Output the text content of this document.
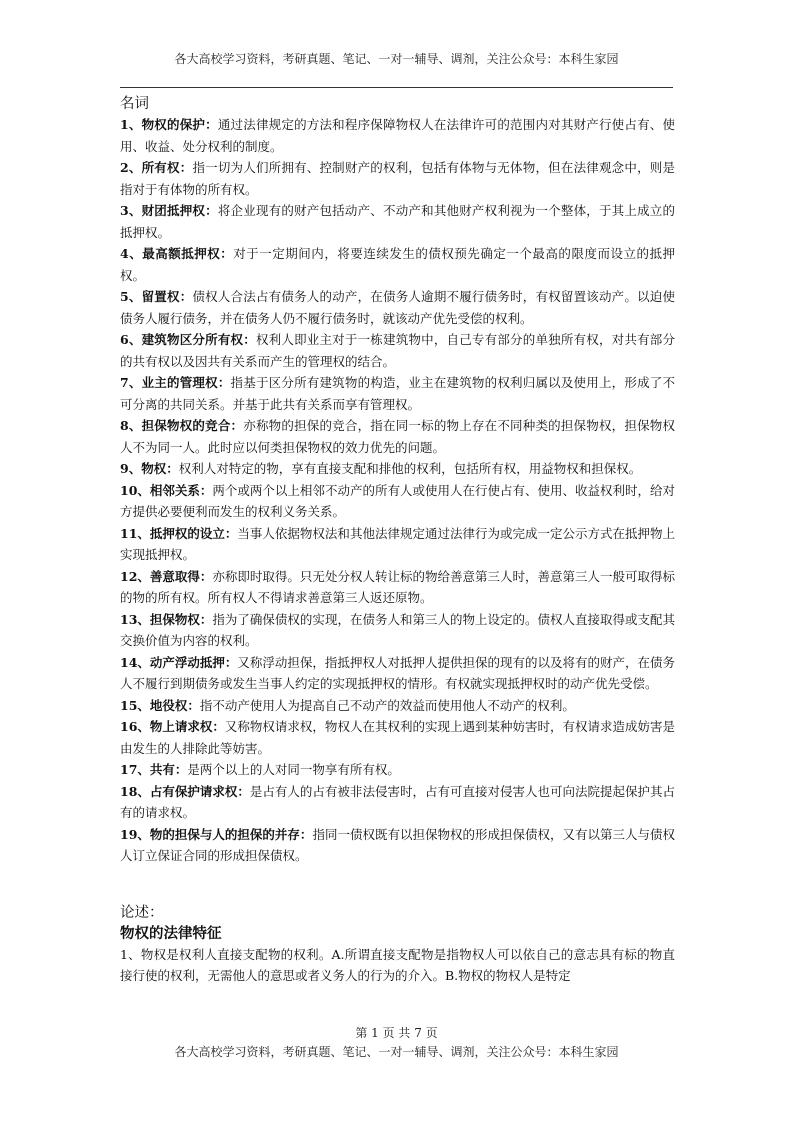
各大高校学习资料，考研真题、笔记、一对一辅导、调剂，关注公众号：本科生家园

名词

1、物权的保护：通过法律规定的方法和程序保障物权人在法律许可的范围内对其财产行使占有、使用、收益、处分权利的制度。

2、所有权：指一切为人们所拥有、控制财产的权利，包括有体物与无体物，但在法律观念中，则是指对于有体物的所有权。

3、财团抵押权：将企业现有的财产包括动产、不动产和其他财产权利视为一个整体，于其上成立的抵押权。

4、最高额抵押权：对于一定期间内，将要连续发生的债权预先确定一个最高的限度而设立的抵押权。

5、留置权：债权人合法占有债务人的动产，在债务人逾期不履行债务时，有权留置该动产。以迫使债务人履行债务，并在债务人仍不履行债务时，就该动产优先受偿的权利。

6、建筑物区分所有权：权利人即业主对于一栋建筑物中，自己专有部分的单独所有权，对共有部分的共有权以及因共有关系而产生的管理权的结合。

7、业主的管理权：指基于区分所有建筑物的构造，业主在建筑物的权利归属以及使用上，形成了不可分离的共同关系。并基于此共有关系而享有管理权。

8、担保物权的竞合：亦称物的担保的竞合，指在同一标的物上存在不同种类的担保物权，担保物权人不为同一人。此时应以何类担保物权的效力优先的问题。

9、物权：权利人对特定的物，享有直接支配和排他的权利，包括所有权，用益物权和担保权。

10、相邻关系：两个或两个以上相邻不动产的所有人或使用人在行使占有、使用、收益权利时，给对方提供必要便利而发生的权利义务关系。

11、抵押权的设立：当事人依据物权法和其他法律规定通过法律行为或完成一定公示方式在抵押物上实现抵押权。

12、善意取得：亦称即时取得。只无处分权人转让标的物给善意第三人时，善意第三人一般可取得标的物的所有权。所有权人不得请求善意第三人返还原物。

13、担保物权：指为了确保债权的实现，在债务人和第三人的物上设定的。债权人直接取得或支配其交换价值为内容的权利。

14、动产浮动抵押：又称浮动担保，指抵押权人对抵押人提供担保的现有的以及将有的财产，在债务人不履行到期债务或发生当事人约定的实现抵押权的情形。有权就实现抵押权时的动产优先受偿。

15、地役权：指不动产使用人为提高自己不动产的效益而使用他人不动产的权利。

16、物上请求权：又称物权请求权，物权人在其权利的实现上遇到某种妨害时，有权请求造成妨害是由发生的人排除此等妨害。

17、共有：是两个以上的人对同一物享有所有权。

18、占有保护请求权：是占有人的占有被非法侵害时，占有可直接对侵害人也可向法院提起保护其占有的请求权。

19、物的担保与人的担保的并存：指同一债权既有以担保物权的形成担保债权，又有以第三人与债权人订立保证合同的形成担保债权。

论述：

物权的法律特征

1、物权是权利人直接支配物的权利。A.所谓直接支配物是指物权人可以依自己的意志具有标的物直接行使的权利，无需他人的意思或者义务人的行为的介入。B.物权的物权人是特定

第 1 页 共 7 页
各大高校学习资料，考研真题、笔记、一对一辅导、调剂，关注公众号：本科生家园
